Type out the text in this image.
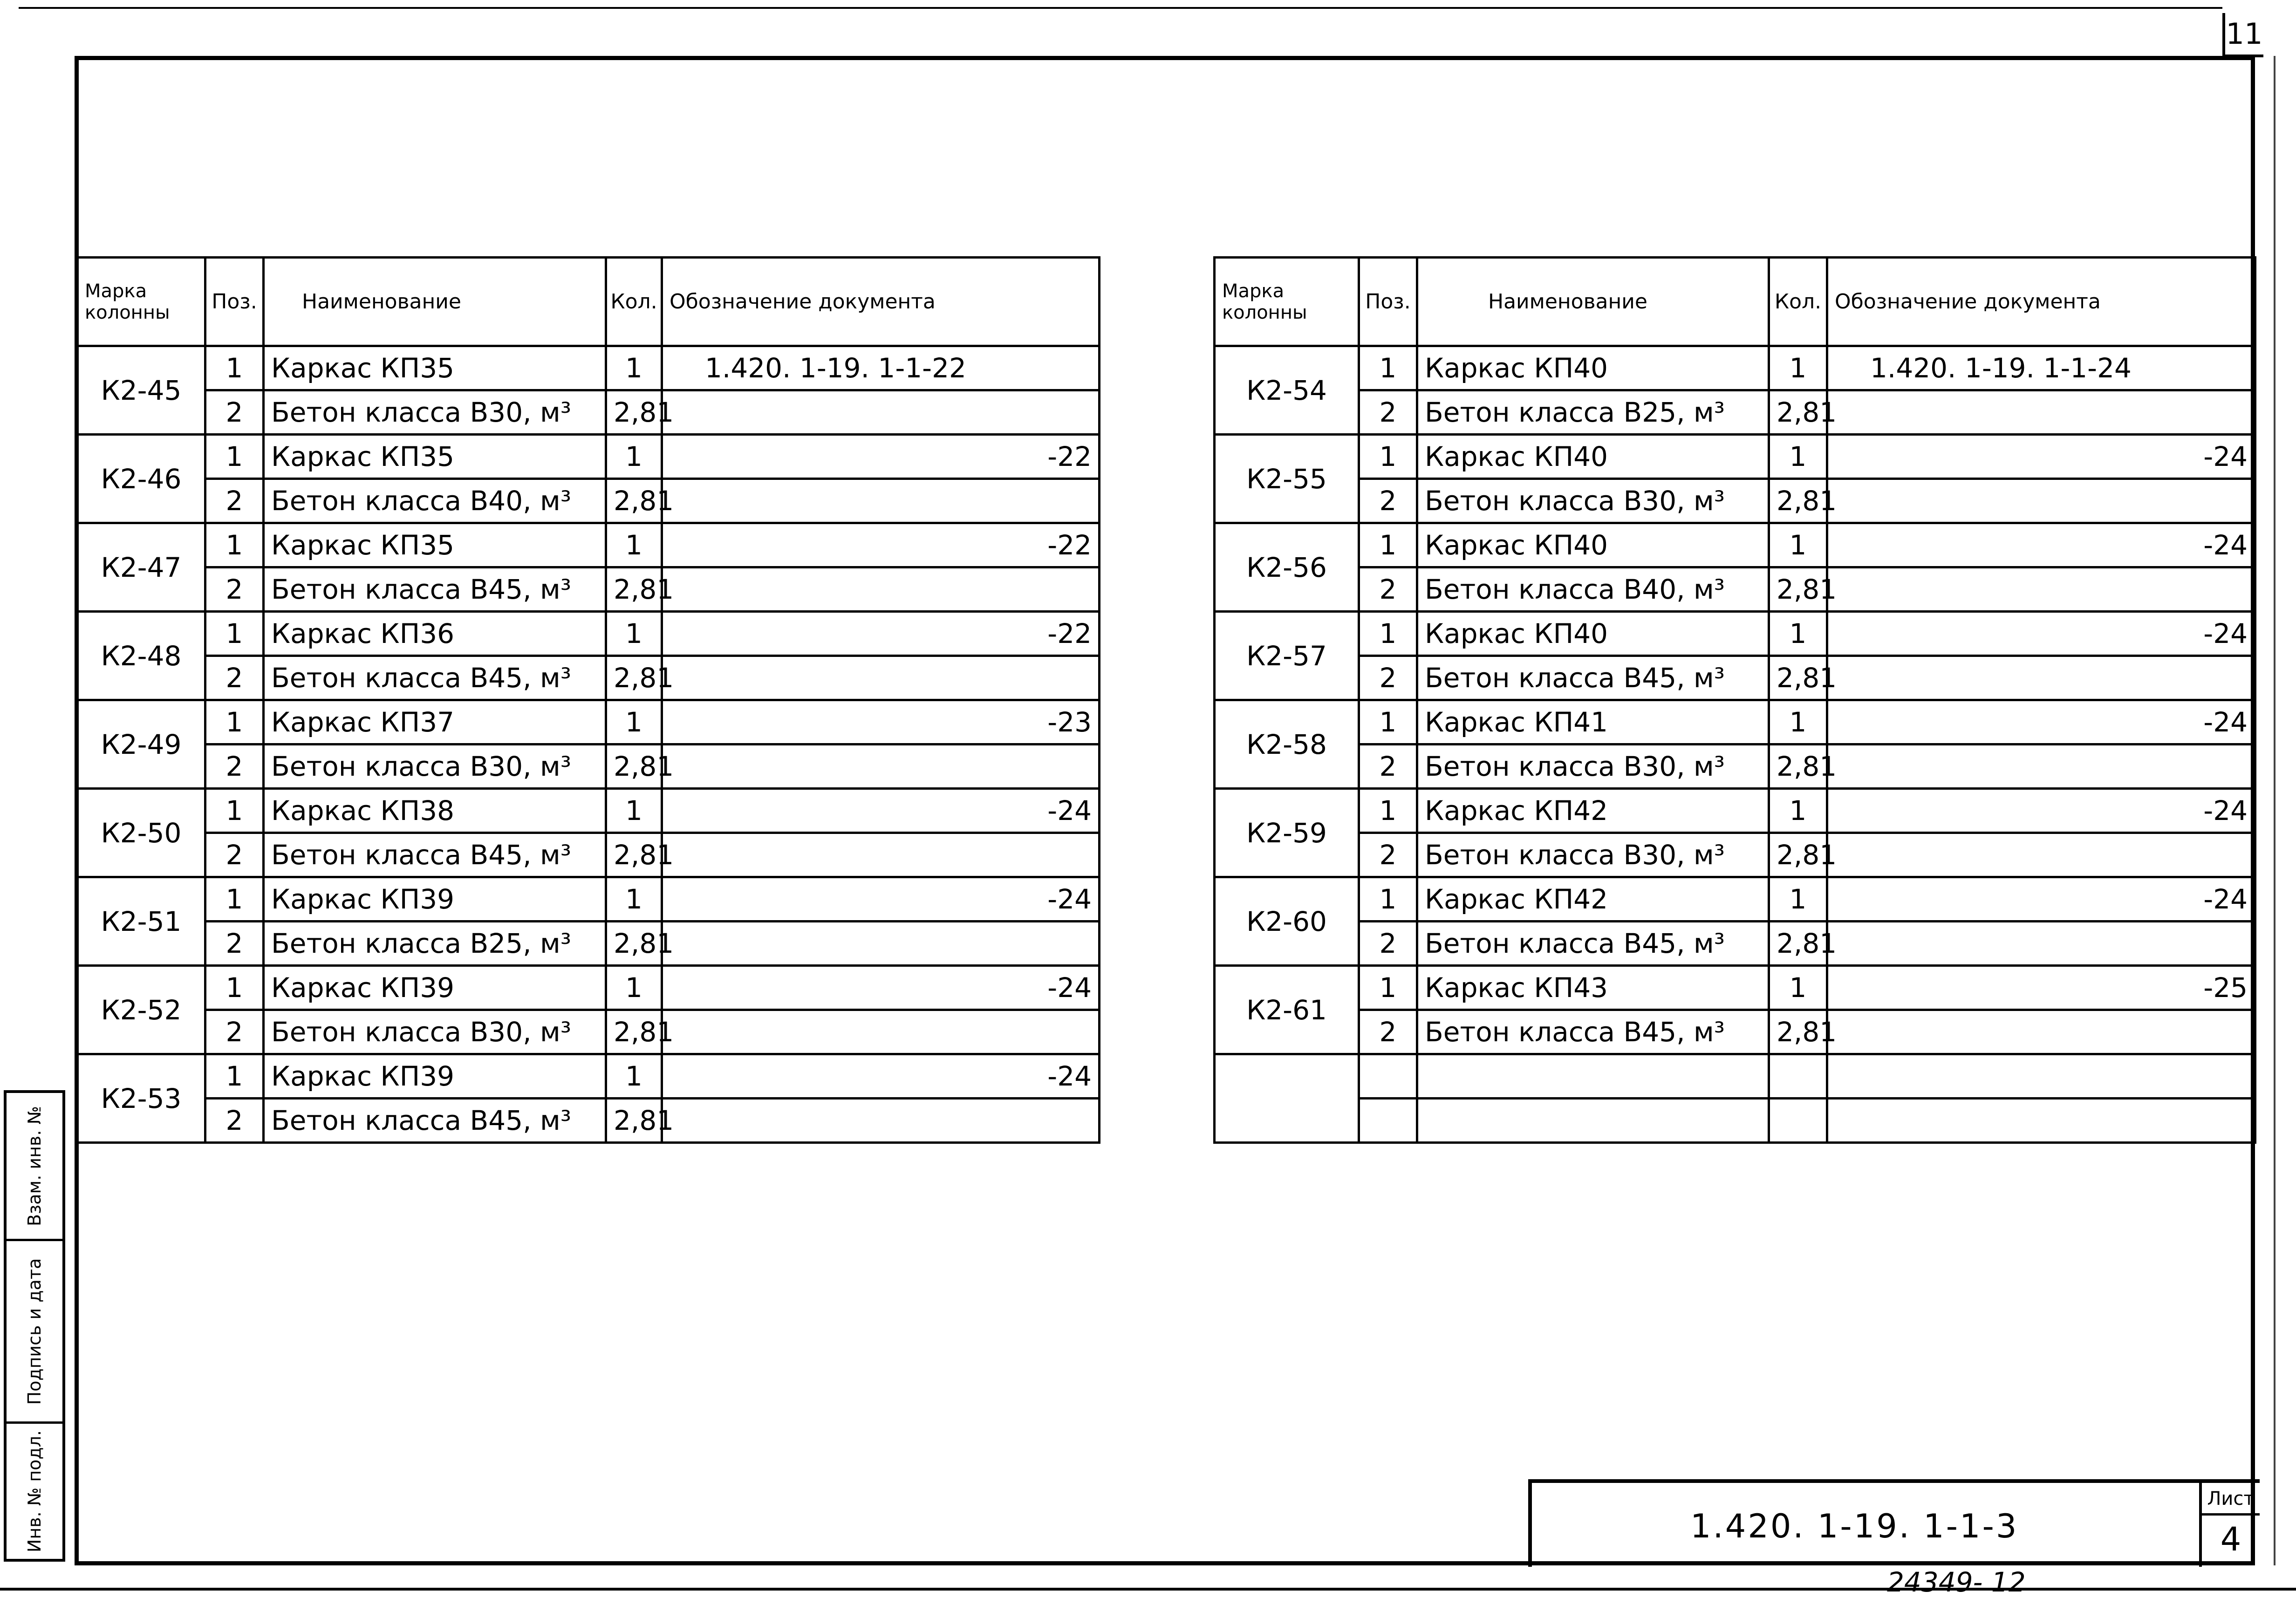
11
Марка колонны	Поз.	Наименование	Кол.	Обозначение документа
К2-45	1	Каркас КП35	1	1.420. 1-19. 1-1-22
	2	Бетон класса В30, м³	2,81	
К2-46	1	Каркас КП35	1	-22
	2	Бетон класса В40, м³	2,81	
К2-47	1	Каркас КП35	1	-22
	2	Бетон класса В45, м³	2,81	
К2-48	1	Каркас КП36	1	-22
	2	Бетон класса В45, м³	2,81	
К2-49	1	Каркас КП37	1	-23
	2	Бетон класса В30, м³	2,81	
К2-50	1	Каркас КП38	1	-24
	2	Бетон класса В45, м³	2,81	
К2-51	1	Каркас КП39	1	-24
	2	Бетон класса В25, м³	2,81	
К2-52	1	Каркас КП39	1	-24
	2	Бетон класса В30, м³	2,81	
К2-53	1	Каркас КП39	1	-24
	2	Бетон класса В45, м³	2,81	
Марка колонны	Поз.	Наименование	Кол.	Обозначение документа
К2-54	1	Каркас КП40	1	1.420. 1-19. 1-1-24
	2	Бетон класса В25, м³	2,81	
К2-55	1	Каркас КП40	1	-24
	2	Бетон класса В30, м³	2,81	
К2-56	1	Каркас КП40	1	-24
	2	Бетон класса В40, м³	2,81	
К2-57	1	Каркас КП40	1	-24
	2	Бетон класса В45, м³	2,81	
К2-58	1	Каркас КП41	1	-24
	2	Бетон класса В30, м³	2,81	
К2-59	1	Каркас КП42	1	-24
	2	Бетон класса В30, м³	2,81	
К2-60	1	Каркас КП42	1	-24
	2	Бетон класса В45, м³	2,81	
К2-61	1	Каркас КП43	1	-25
	2	Бетон класса В45, м³	2,81	

Взам. инв. №
Подпись и дата
Инв. № подл.	1.420. 1-19. 1-1-3
Лист
4
24349- 12
